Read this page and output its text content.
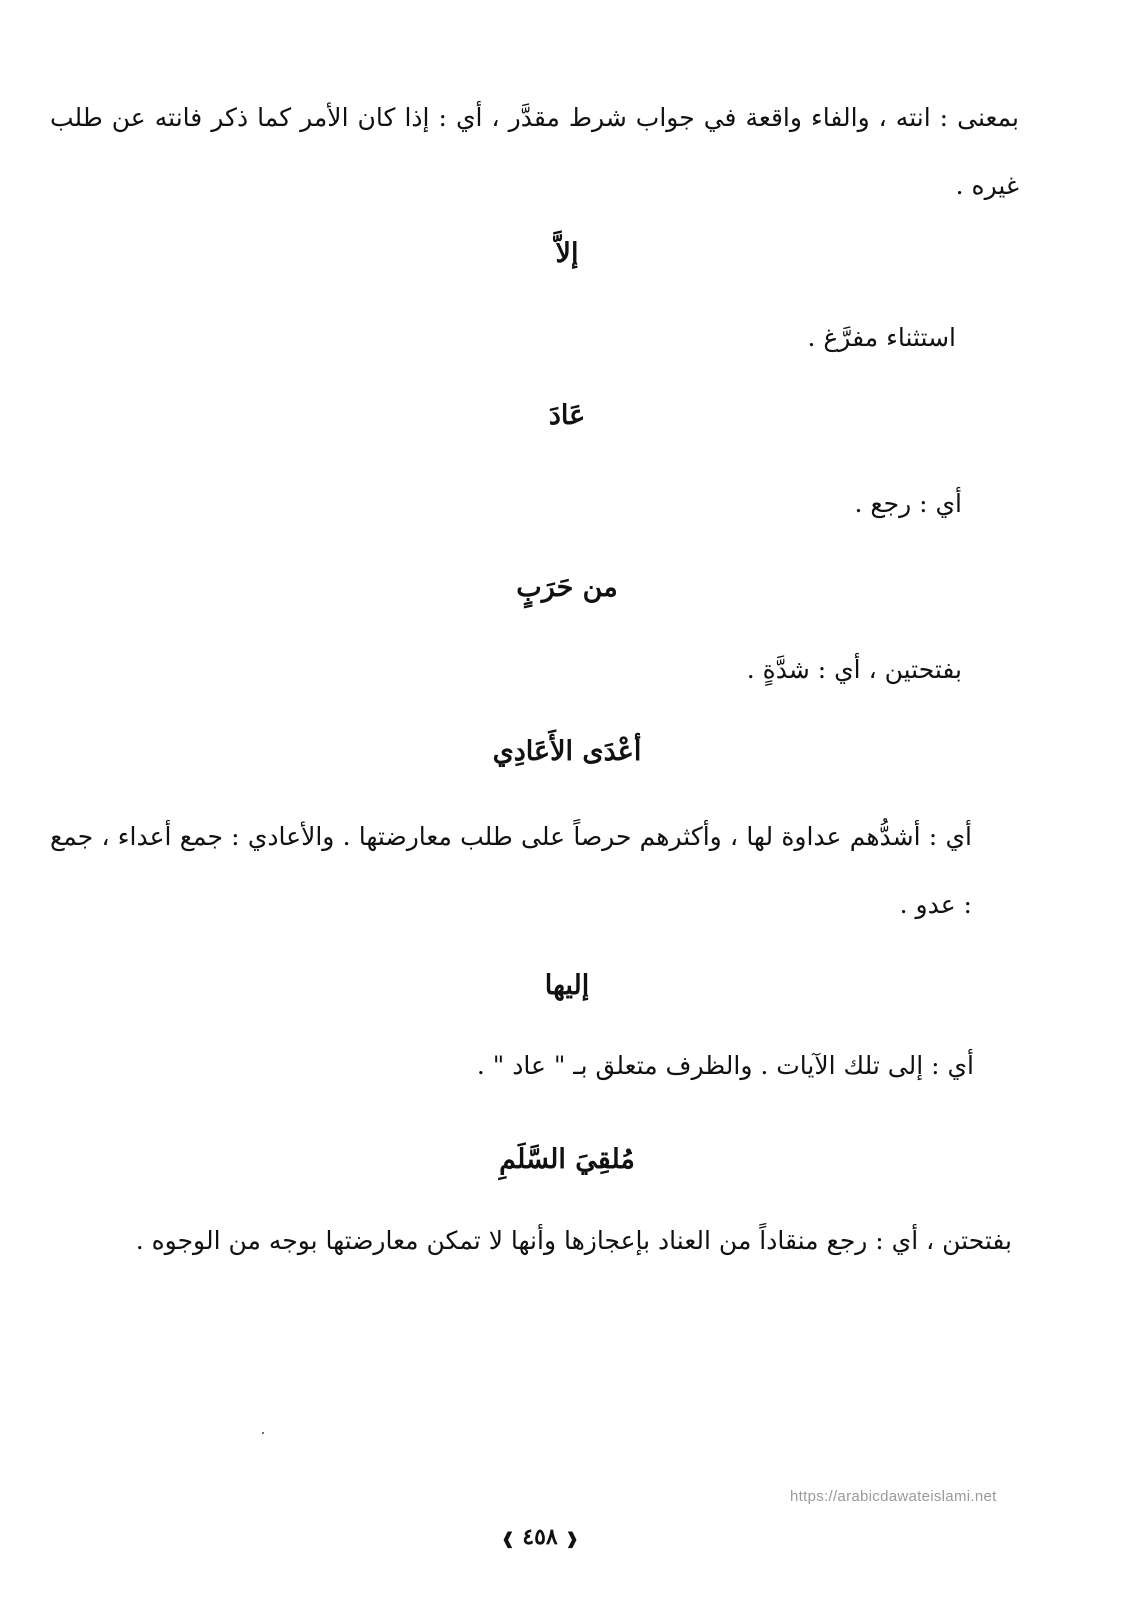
بمعنى : انته ، والفاء واقعة في جواب شرط مقدَّر ، أي : إذا كان الأمر كما ذكر فانته عن طلب غيره .

إلاَّ

استثناء مفرَّغ .

عَادَ

أي : رجع .

من حَرَبٍ

بفتحتين ، أي : شدَّةٍ .

أعْدَى الأَعَادِي

أي : أشدُّهم عداوة لها ، وأكثرهم حرصاً على طلب معارضتها . والأعادي : جمع أعداء ، جمع : عدو .

إليها

أي : إلى تلك الآيات . والظرف متعلق بـ " عاد " .

مُلقِيَ السَّلَمِ

بفتحتن ، أي : رجع منقاداً من العناد بإعجازها وأنها لا تمكن معارضتها بوجه من الوجوه .

https://arabicdawateislami.net
❰ ٤٥٨ ❱
